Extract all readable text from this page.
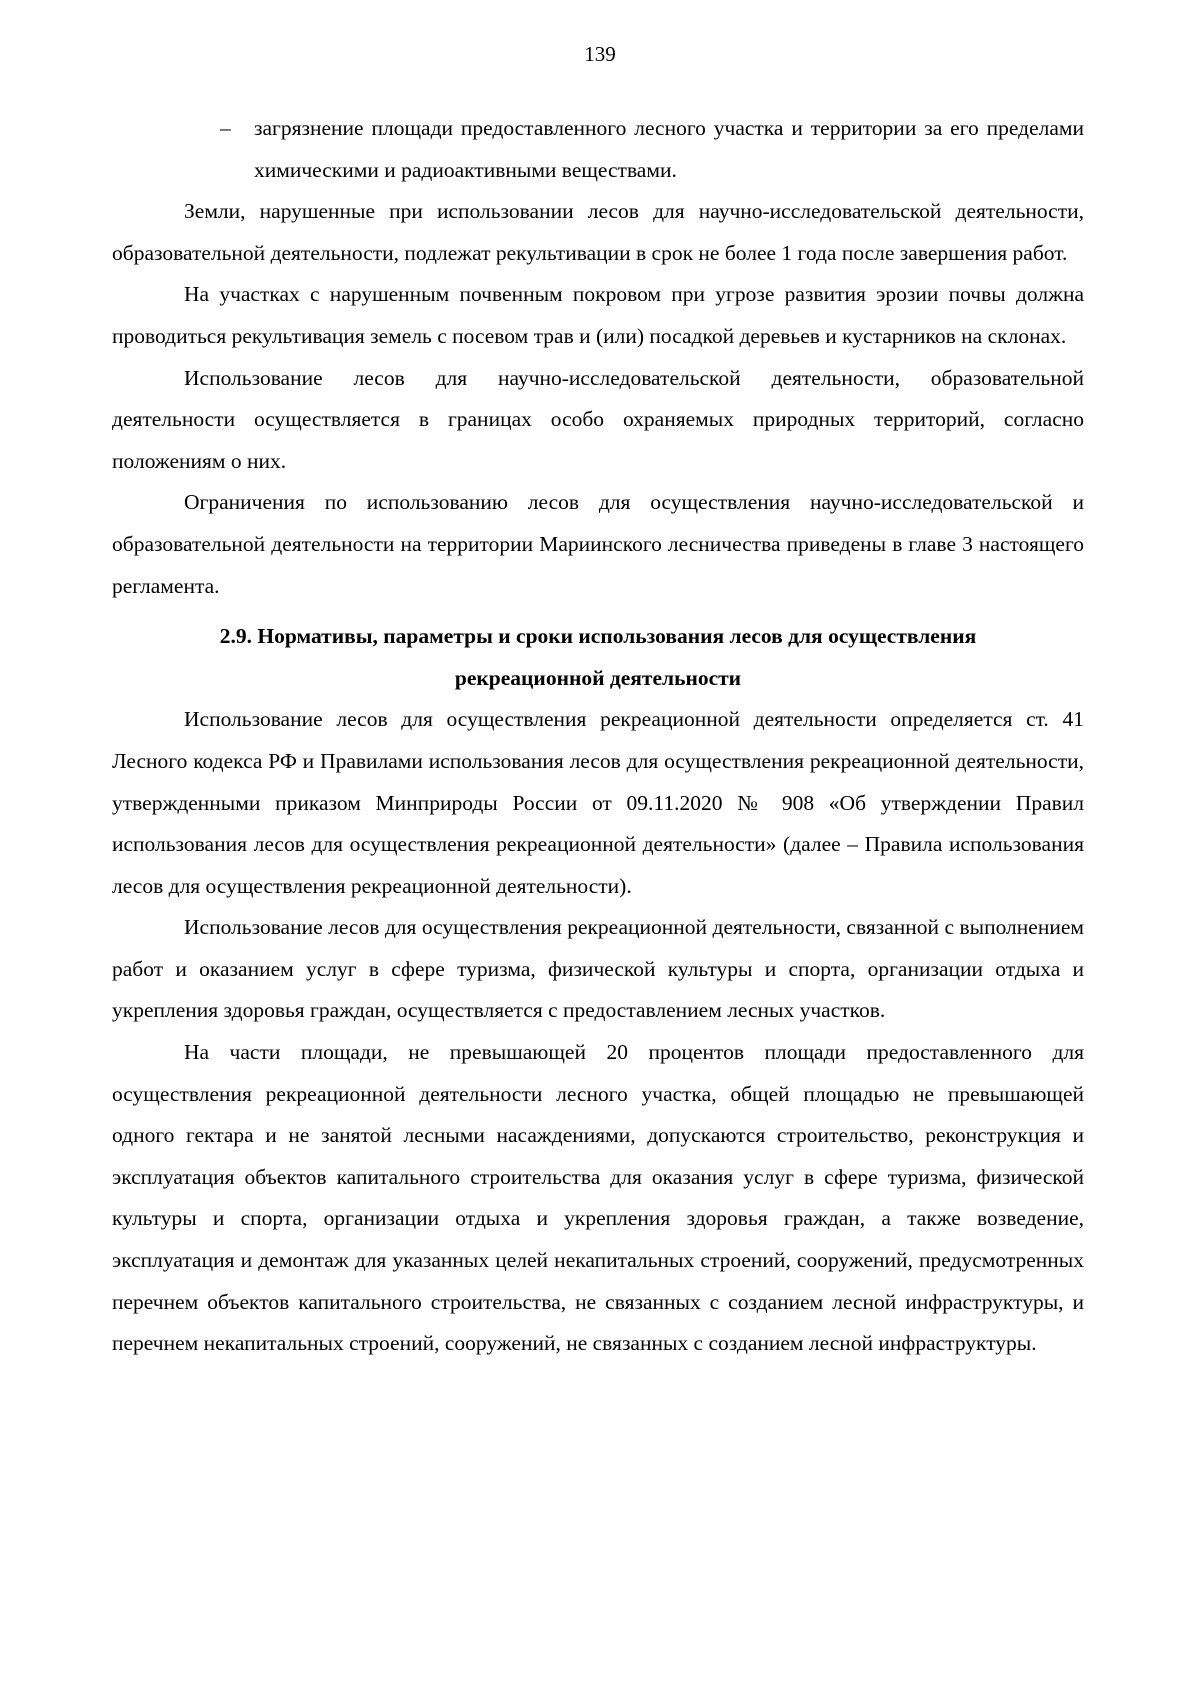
139
– загрязнение площади предоставленного лесного участка и территории за его пределами химическими и радиоактивными веществами.

Земли, нарушенные при использовании лесов для научно-исследовательской деятельности, образовательной деятельности, подлежат рекультивации в срок не более 1 года после завершения работ.

На участках с нарушенным почвенным покровом при угрозе развития эрозии почвы должна проводиться рекультивация земель с посевом трав и (или) посадкой деревьев и кустарников на склонах.

Использование лесов для научно-исследовательской деятельности, образовательной деятельности осуществляется в границах особо охраняемых природных территорий, согласно положениям о них.

Ограничения по использованию лесов для осуществления научно-исследовательской и образовательной деятельности на территории Мариинского лесничества приведены в главе 3 настоящего регламента.

2.9. Нормативы, параметры и сроки использования лесов для осуществления рекреационной деятельности

Использование лесов для осуществления рекреационной деятельности определяется ст. 41 Лесного кодекса РФ и Правилами использования лесов для осуществления рекреационной деятельности, утвержденными приказом Минприроды России от 09.11.2020 № 908 «Об утверждении Правил использования лесов для осуществления рекреационной деятельности» (далее – Правила использования лесов для осуществления рекреационной деятельности).

Использование лесов для осуществления рекреационной деятельности, связанной с выполнением работ и оказанием услуг в сфере туризма, физической культуры и спорта, организации отдыха и укрепления здоровья граждан, осуществляется с предоставлением лесных участков.

На части площади, не превышающей 20 процентов площади предоставленного для осуществления рекреационной деятельности лесного участка, общей площадью не превышающей одного гектара и не занятой лесными насаждениями, допускаются строительство, реконструкция и эксплуатация объектов капитального строительства для оказания услуг в сфере туризма, физической культуры и спорта, организации отдыха и укрепления здоровья граждан, а также возведение, эксплуатация и демонтаж для указанных целей некапитальных строений, сооружений, предусмотренных перечнем объектов капитального строительства, не связанных с созданием лесной инфраструктуры, и перечнем некапитальных строений, сооружений, не связанных с созданием лесной инфраструктуры.
